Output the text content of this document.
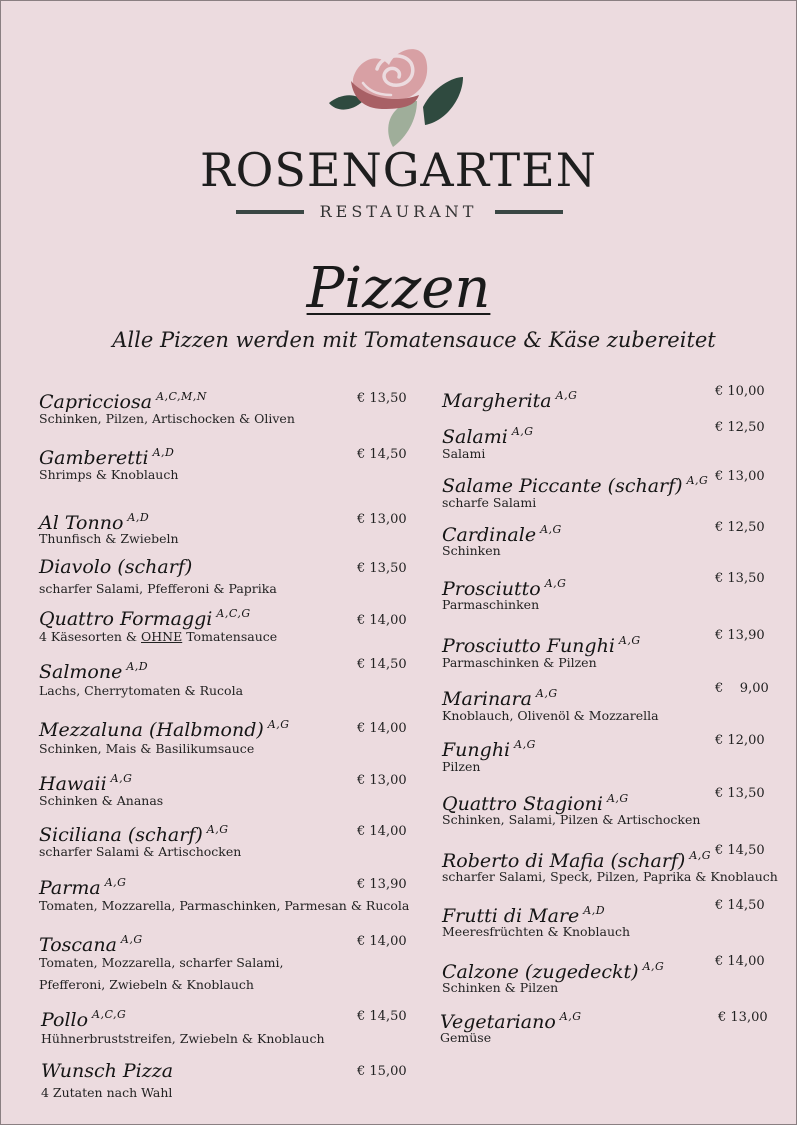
ROSENGARTEN
RESTAURANT
Pizzen
Alle Pizzen werden mit Tomatensauce & Käse zubereitet
Capricciosa $^{A,C,M,N}$	€ 13,50
Schinken, Pilzen, Artischocken & Oliven
Gamberetti $^{A,D}$	€ 14,50
Shrimps & Knoblauch
Al Tonno $^{A,D}$	€ 13,00
Thunfisch & Zwiebeln
Diavolo (scharf)	€ 13,50
scharfer Salami, Pfefferoni & Paprika
Quattro Formaggi $^{A,C,G}$	€ 14,00
4 Käsesorten & OHNE Tomatensauce
Salmone $^{A,D}$	€ 14,50
Lachs, Cherrytomaten & Rucola
Mezzaluna (Halbmond) $^{A,G}$	€ 14,00
Schinken, Mais & Basilikumsauce
Hawaii $^{A,G}$	€ 13,00
Schinken & Ananas
Siciliana (scharf) $^{A,G}$	€ 14,00
scharfer Salami & Artischocken
Parma $^{A,G}$	€ 13,90
Tomaten, Mozzarella, Parmaschinken, Parmesan & Rucola
Toscana $^{A,G}$	€ 14,00
Tomaten, Mozzarella, scharfer Salami,
Pfefferoni, Zwiebeln & Knoblauch
Pollo $^{A,C,G}$	€ 14,50
Hühnerbruststreifen, Zwiebeln & Knoblauch
Wunsch Pizza	€ 15,00
4 Zutaten nach Wahl
Margherita $^{A,G}$	€ 10,00
Salami $^{A,G}$	€ 12,50
Salami
Salame Piccante (scharf) $^{A,G}$ € 13,00
scharfe Salami
Cardinale $^{A,G}$	€ 12,50
Schinken
Prosciutto $^{A,G}$	€ 13,50
Parmaschinken
Prosciutto Funghi $^{A,G}$	€ 13,90
Parmaschinken & Pilzen
Marinara $^{A,G}$	€    9,00
Knoblauch, Olivenöl & Mozzarella
Funghi $^{A,G}$	€ 12,00
Pilzen
Quattro Stagioni $^{A,G}$	€ 13,50
Schinken, Salami, Pilzen & Artischocken
Roberto di Mafia (scharf) $^{A,G}$ € 14,50
scharfer Salami, Speck, Pilzen, Paprika & Knoblauch
Frutti di Mare $^{A,D}$	€ 14,50
Meeresfrüchten & Knoblauch
Calzone (zugedeckt) $^{A,G}$	€ 14,00
Schinken & Pilzen
Vegetariano $^{A,G}$	€ 13,00
Gemüse
